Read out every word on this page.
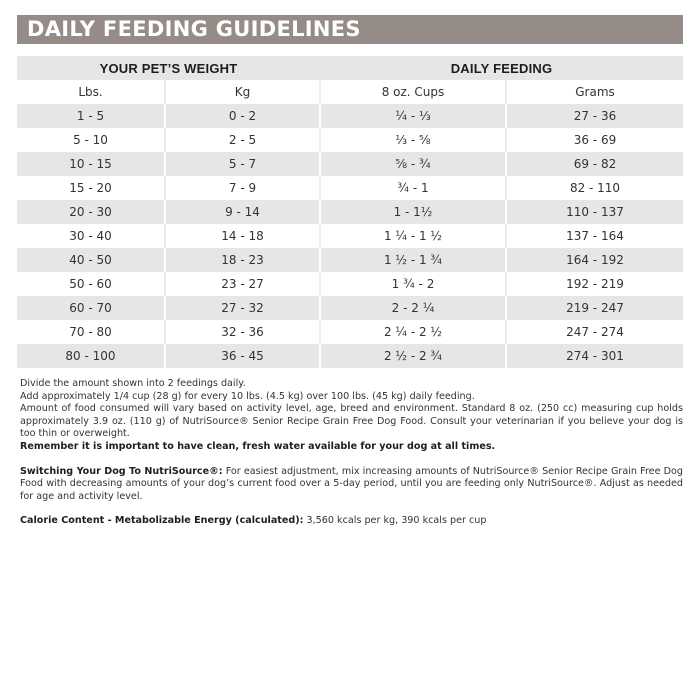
DAILY FEEDING GUIDELINES
YOUR PET’S WEIGHT		DAILY FEEDING	
Lbs.	Kg	8 oz. Cups	Grams
1 - 5	0 - 2	¼ - ⅓	27 - 36
5 - 10	2 - 5	⅓ - ⅝	36 - 69
10 - 15	5 - 7	⅝ - ¾	69 - 82
15 - 20	7 - 9	¾ - 1	82 - 110
20 - 30	9 - 14	1 - 1½	110 - 137
30 - 40	14 - 18	1 ¼ - 1 ½	137 - 164
40 - 50	18 - 23	1 ½ - 1 ¾	164 - 192
50 - 60	23 - 27	1 ¾ - 2	192 - 219
60 - 70	27 - 32	2 - 2 ¼	219 - 247
70 - 80	32 - 36	2 ¼ - 2 ½	247 - 274
80 - 100	36 - 45	2 ½ - 2 ¾	274 - 301

Divide the amount shown into 2 feedings daily.

Add approximately 1/4 cup (28 g) for every 10 lbs. (4.5 kg) over 100 lbs. (45 kg) daily feeding.

Amount of food consumed will vary based on activity level, age, breed and environment. Standard 8 oz. (250 cc) measuring cup holds approximately 3.9 oz. (110 g) of NutriSource® Senior Recipe Grain Free Dog Food. Consult your veterinarian if you believe your dog is too thin or overweight.

Remember it is important to have clean, fresh water available for your dog at all times.

Switching Your Dog To NutriSource®: For easiest adjustment, mix increasing amounts of NutriSource® Senior Recipe Grain Free Dog Food with decreasing amounts of your dog’s current food over a 5-day period, until you are feeding only NutriSource®. Adjust as needed for age and activity level.

Calorie Content - Metabolizable Energy (calculated): 3,560 kcals per kg, 390 kcals per cup
